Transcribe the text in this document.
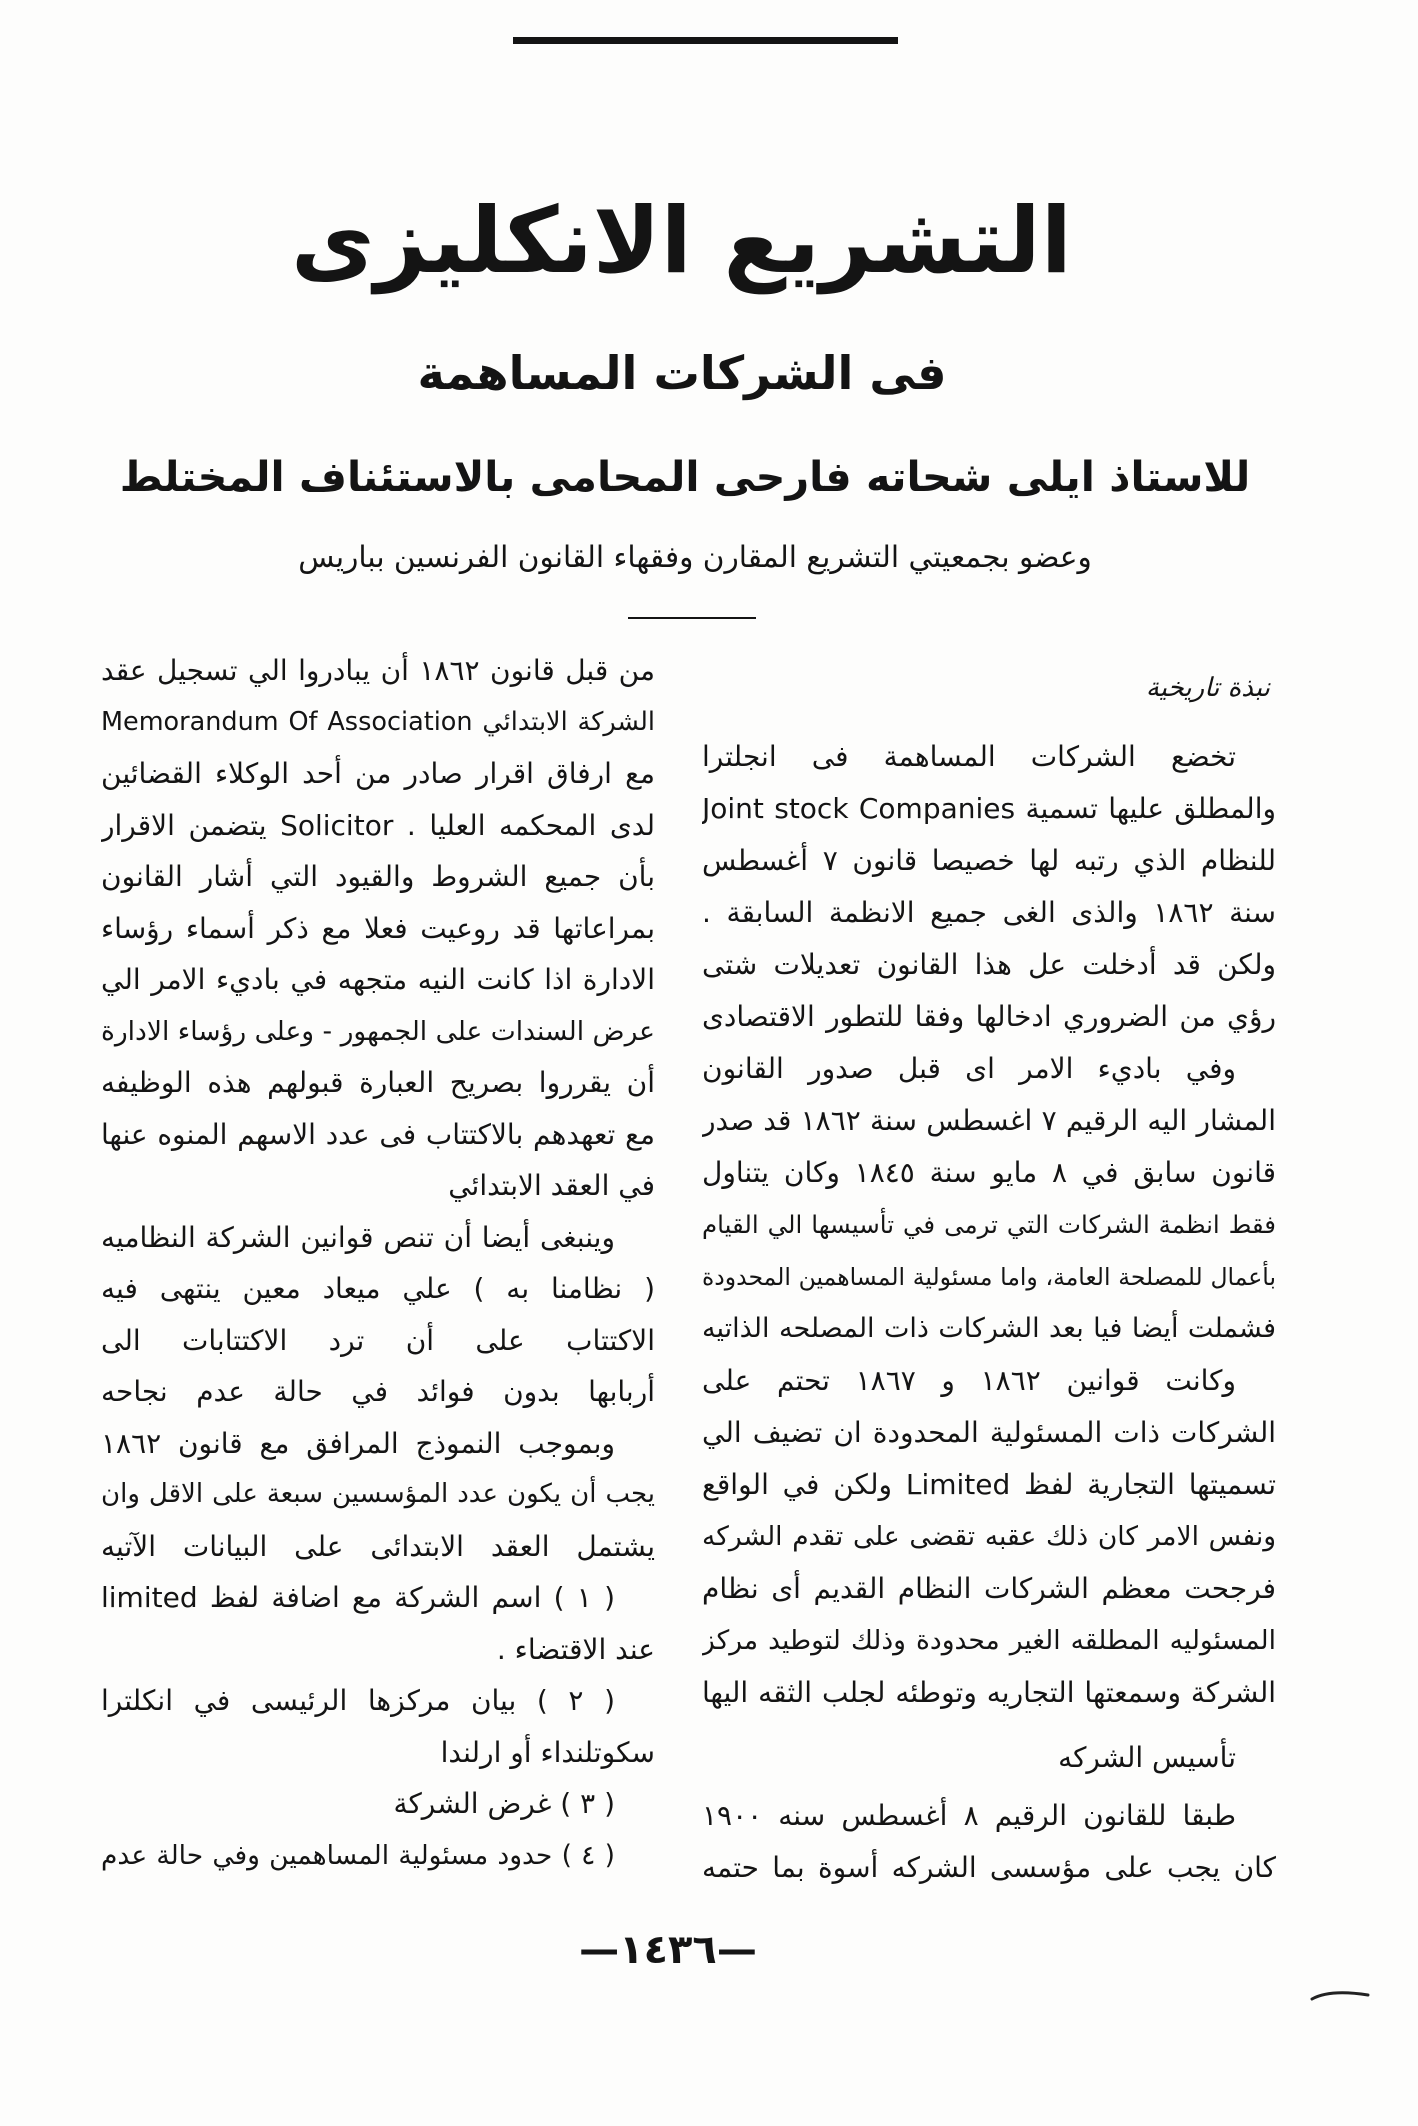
التشريع الانكليزى
فى الشركات المساهمة
للاستاذ ايلى شحاته فارحى المحامى بالاستئناف المختلط
وعضو بجمعيتي التشريع المقارن وفقهاء القانون الفرنسين بباريس
نبذة تاريخية
تخضع الشركات المساهمة فى انجلترا
والمطلق عليها تسمية Joint stock Companies
للنظام الذي رتبه لها خصيصا قانون ٧ أغسطس
سنة ١٨٦٢ والذى الغى جميع الانظمة السابقة .
ولكن قد أدخلت عل هذا القانون تعديلات شتى
رؤي من الضروري ادخالها وفقا للتطور الاقتصادى
وفي باديء الامر اى قبل صدور القانون
المشار اليه الرقيم ٧ اغسطس سنة ١٨٦٢ قد صدر
قانون سابق في ٨ مايو سنة ١٨٤٥ وكان يتناول
فقط انظمة الشركات التي ترمى في تأسيسها الي القيام
بأعمال للمصلحة العامة، واما مسئولية المساهمين المحدودة
فشملت أيضا فيا بعد الشركات ذات المصلحه الذاتيه
وكانت قوانين ١٨٦٢ و ١٨٦٧ تحتم على
الشركات ذات المسئولية المحدودة ان تضيف الي
تسميتها التجارية لفظ Limited ولكن في الواقع
ونفس الامر كان ذلك عقبه تقضى على تقدم الشركه
فرجحت معظم الشركات النظام القديم أى نظام
المسئوليه المطلقه الغير محدودة وذلك لتوطيد مركز
الشركة وسمعتها التجاريه وتوطئه لجلب الثقه اليها
تأسيس الشركه
طبقا للقانون الرقيم ٨ أغسطس سنه ١٩٠٠
كان يجب على مؤسسى الشركه أسوة بما حتمه
من قبل قانون ١٨٦٢ أن يبادروا الي تسجيل عقد
الشركة الابتدائي Memorandum Of Association
مع ارفاق اقرار صادر من أحد الوكلاء القضائين
لدى المحكمه العليا . Solicitor يتضمن الاقرار
بأن جميع الشروط والقيود التي أشار القانون
بمراعاتها قد روعيت فعلا مع ذكر أسماء رؤساء
الادارة اذا كانت النيه متجهه في باديء الامر الي
عرض السندات على الجمهور - وعلى رؤساء الادارة
أن يقرروا بصريح العبارة قبولهم هذه الوظيفه
مع تعهدهم بالاكتتاب فى عدد الاسهم المنوه عنها
في العقد الابتدائي
وينبغى أيضا أن تنص قوانين الشركة النظاميه
( نظامنا به ) علي ميعاد معين ينتهى فيه
الاكتتاب على أن ترد الاكتتابات الى
أربابها بدون فوائد في حالة عدم نجاحه
وبموجب النموذج المرافق مع قانون ١٨٦٢
يجب أن يكون عدد المؤسسين سبعة على الاقل وان
يشتمل العقد الابتدائى على البيانات الآتيه
( ١ ) اسم الشركة مع اضافة لفظ limited
عند الاقتضاء .
( ٢ ) بيان مركزها الرئيسى في انكلترا
سكوتلنداء أو ارلندا
( ٣ ) غرض الشركة
( ٤ ) حدود مسئولية المساهمين وفي حالة عدم
—١٤٣٦—
